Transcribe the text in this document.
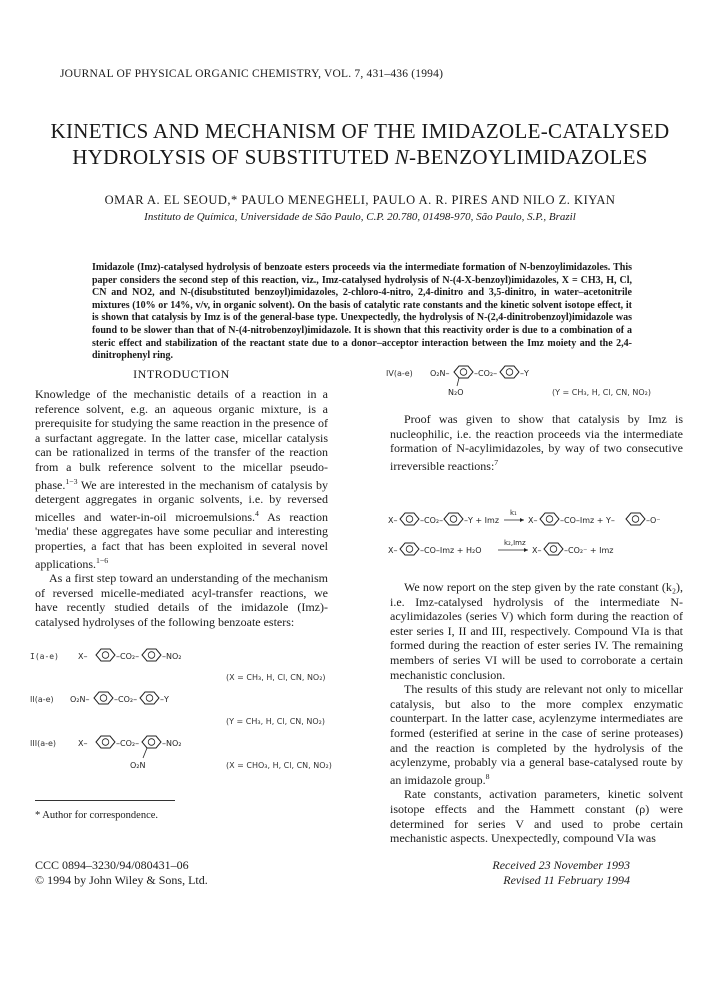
JOURNAL OF PHYSICAL ORGANIC CHEMISTRY, VOL. 7, 431–436 (1994)
KINETICS AND MECHANISM OF THE IMIDAZOLE-CATALYSED
HYDROLYSIS OF SUBSTITUTED N-BENZOYLIMIDAZOLES
OMAR A. EL SEOUD,* PAULO MENEGHELI, PAULO A. R. PIRES AND NILO Z. KIYAN
Instituto de Química, Universidade de São Paulo, C.P. 20.780, 01498-970, São Paulo, S.P., Brazil
Imidazole (Imz)-catalysed hydrolysis of benzoate esters proceeds via the intermediate formation of N-benzoylimidazoles. This paper considers the second step of this reaction, viz., Imz-catalysed hydrolysis of N-(4-X-benzoyl)imidazoles, X = CH3, H, Cl, CN and NO2, and N-(disubstituted benzoyl)imidazoles, 2-chloro-4-nitro, 2,4-dinitro and 3,5-dinitro, in water–acetonitrile mixtures (10% or 14%, v/v, in organic solvent). On the basis of catalytic rate constants and the kinetic solvent isotope effect, it is shown that catalysis by Imz is of the general-base type. Unexpectedly, the hydrolysis of N-(2,4-dinitrobenzoyl)imidazole was found to be slower than that of N-(4-nitrobenzoyl)imidazole. It is shown that this reactivity order is due to a combination of a steric effect and stabilization of the reactant state due to a donor–acceptor interaction between the Imz moiety and the 2,4-dinitrophenyl ring.
INTRODUCTION

Knowledge of the mechanistic details of a reaction in a reference solvent, e.g. an aqueous organic mixture, is a prerequisite for studying the same reaction in the presence of a surfactant aggregate. In the latter case, micellar catalysis can be rationalized in terms of the transfer of the reaction from a bulk reference solvent to the micellar pseudo-phase.$^{1-3}$ We are interested in the mechanism of catalysis by detergent aggregates in organic solvents, i.e. by reversed micelles and water-in-oil microemulsions.$^4$ As reaction 'media' these aggregates have some peculiar and interesting properties, a fact that has been exploited in several novel applications.$^{1-6}$

As a first step toward an understanding of the mechanism of reversed micelle-mediated acyl-transfer reactions, we have recently studied details of the imidazole (Imz)-catalysed hydrolyses of the following benzoate esters:

I(a-e) X–	–CO₂–	–NO₂
(X = CH₃, H, Cl, CN, NO₂)
II(a-e) O₂N–	–CO₂–	–Y
(Y = CH₃, H, Cl, CN, NO₂)
III(a-e)	X–	–CO₂–	–NO₂
O₂N	(X = CHO₃, H, Cl, CN, NO₂)
* Author for correspondence.
CCC 0894–3230/94/080431–06
© 1994 by John Wiley & Sons, Ltd.
IV(a-e) O₂N–
N₂O
–CO₂–	–Y
(Y = CH₃, H, Cl, CN, NO₂)

Proof was given to show that catalysis by Imz is nucleophilic, i.e. the reaction proceeds via the intermediate formation of N-acylimidazoles, by way of two consecutive irreversible reactions:$^7$

X–	–CO₂–	–Y + Imz
k₁
X–	–CO–Imz + Y–	–O⁻
X–	–CO–Imz + H₂O
k₂,Imz
X–	–CO₂⁻ + Imz

We now report on the step given by the rate constant (k₂), i.e. Imz-catalysed hydrolysis of the intermediate N-acylimidazoles (series V) which form during the reaction of ester series I, II and III, respectively. Compound VIa is that formed during the reaction of ester series IV. The remaining members of series VI will be used to corroborate a certain mechanistic conclusion.

The results of this study are relevant not only to micellar catalysis, but also to the more complex enzymatic counterpart. In the latter case, acylenzyme intermediates are formed (esterified at serine in the case of serine proteases) and the reaction is completed by the hydrolysis of the acylenzyme, probably via a general base-catalysed route by an imidazole group.$^8$

Rate constants, activation parameters, kinetic solvent isotope effects and the Hammett constant (ρ) were determined for series V and used to probe certain mechanistic aspects. Unexpectedly, compound VIa was

Received 23 November 1993
Revised 11 February 1994
